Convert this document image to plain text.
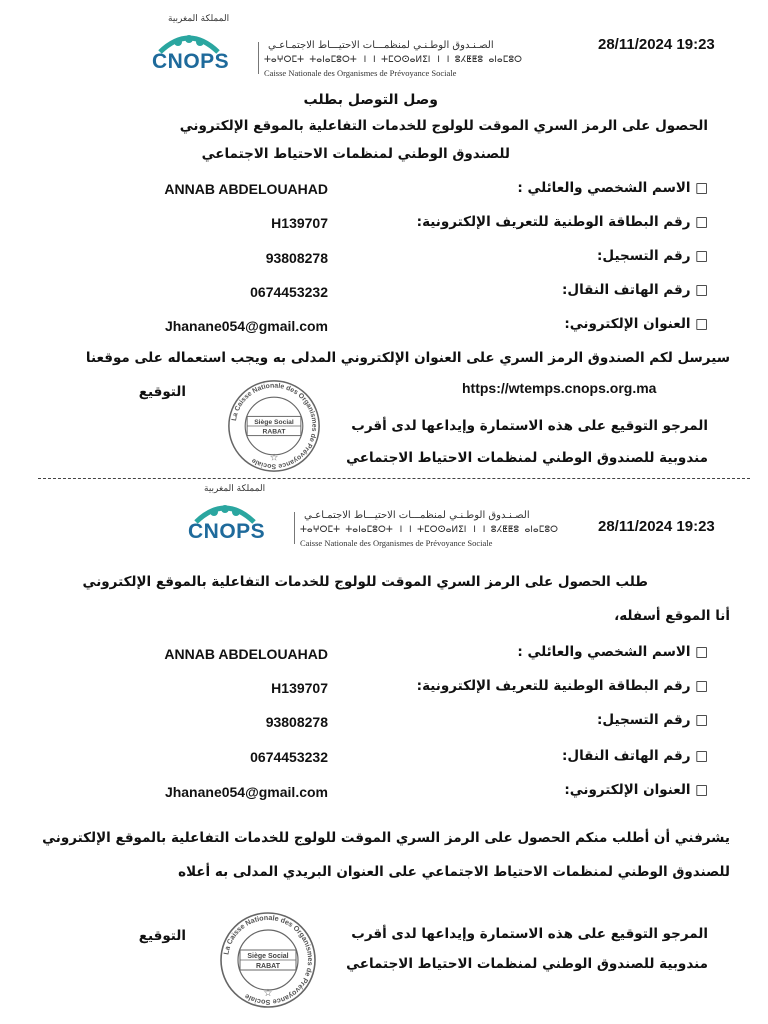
المملكة المغربية
CNOPS
الصـنـدوق الوطـنـي لمنظمـــات الاحتيـــاط الاجتمـاعـي
ⵜⴰⵖⵔⵎⵜ ⵜⴰⵏⴰⵎⵓⵔⵜ ǀ ⵏ ⵜⵎⵔⵙⴰⵍⵉⵏ ǀ ⵏ ⵓⵃⵟⵟⵓ ⴰⵏⴰⵎⵓⵔ
Caisse Nationale des Organismes de Prévoyance Sociale
28/11/2024 19:23
وصل التوصل بطلب
الحصول على الرمز السري الموقت للولوج للخدمات التفاعلية بالموقع الإلكتروني
للصندوق الوطني لمنظمات الاحتياط الاجتماعي
□ الاسم الشخصي والعائلي :
ANNAB ABDELOUAHAD
□ رقم البطاقة الوطنية للتعريف الإلكترونية:
H139707
□ رقم التسجيل:
93808278
□ رقم الهاتف النقال:
0674453232
□ العنوان الإلكتروني:
Jhanane054@gmail.com
سيرسل لكم الصندوق الرمز السري على العنوان الإلكتروني المدلى به ويجب استعماله على موقعنا
https://wtemps.cnops.org.ma
التوقيع
La Caisse Nationale des Organismes de Prévoyance Sociale
Siège Social
RABAT
☆
المرجو التوقيع على هذه الاستمارة وإيداعها لدى أقرب
مندوبية للصندوق الوطني لمنظمات الاحتياط الاجتماعي
المملكة المغربية
CNOPS
الصـنـدوق الوطـنـي لمنظمـــات الاحتيـــاط الاجتمـاعـي
ⵜⴰⵖⵔⵎⵜ ⵜⴰⵏⴰⵎⵓⵔⵜ ǀ ⵏ ⵜⵎⵔⵙⴰⵍⵉⵏ ǀ ⵏ ⵓⵃⵟⵟⵓ ⴰⵏⴰⵎⵓⵔ
Caisse Nationale des Organismes de Prévoyance Sociale
28/11/2024 19:23
طلب الحصول على الرمز السري الموقت للولوج للخدمات التفاعلية بالموقع الإلكتروني
أنا الموقع أسفله،
□ الاسم الشخصي والعائلي :
ANNAB ABDELOUAHAD
□ رقم البطاقة الوطنية للتعريف الإلكترونية:
H139707
□ رقم التسجيل:
93808278
□ رقم الهاتف النقال:
0674453232
□ العنوان الإلكتروني:
Jhanane054@gmail.com
يشرفني أن أطلب منكم الحصول على الرمز السري الموقت للولوج للخدمات التفاعلية بالموقع الإلكتروني
للصندوق الوطني لمنظمات الاحتياط الاجتماعي على العنوان البريدي المدلى به أعلاه
التوقيع
La Caisse Nationale des Organismes de Prévoyance Sociale
Siège Social
RABAT
☆
المرجو التوقيع على هذه الاستمارة وإيداعها لدى أقرب
مندوبية للصندوق الوطني لمنظمات الاحتياط الاجتماعي
